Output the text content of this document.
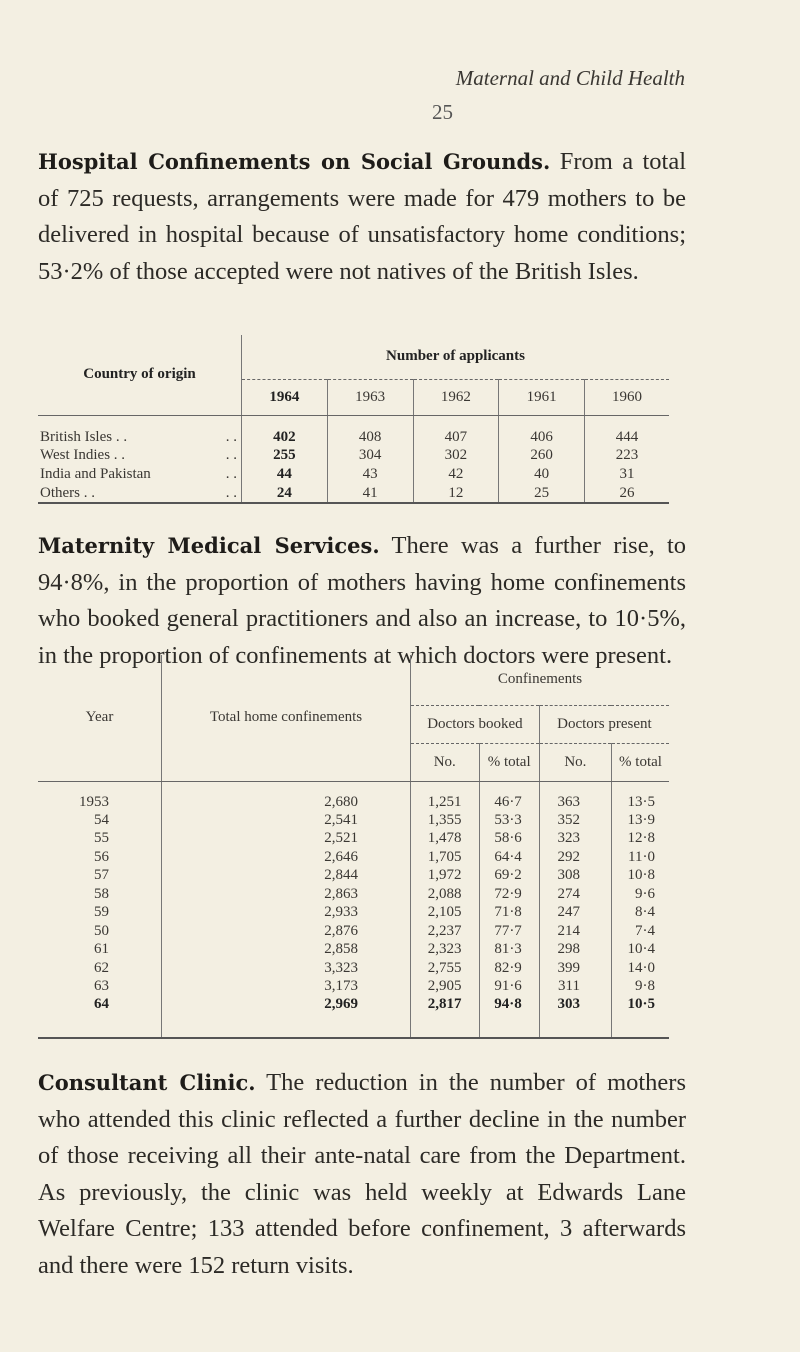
Maternal and Child Health
25
Hospital Confinements on Social Grounds. From a total of 725 requests, arrangements were made for 479 mothers to be delivered in hospital because of unsatisfactory home conditions; 53·2% of those accepted were not natives of the British Isles.
Country of origin	Number of applicants				
	1964	1963	1962	1961	1960
British Isles . . . .	402	408	407	406	444
West Indies . . . .	255	304	302	260	223
India and Pakistan . .	44	43	42	40	31
Others . . . .	24	41	12	25	26
Maternity Medical Services. There was a further rise, to 94·8%, in the proportion of mothers having home confinements who booked general practitioners and also an increase, to 10·5%, in the proportion of confinements at which doctors were present.
Year	Total home confinements	Confinements			
		Doctors booked		Doctors present	
		No.	% total	No.	% total
1953	2,680	1,251	46·7	363	13·5
54	2,541	1,355	53·3	352	13·9
55	2,521	1,478	58·6	323	12·8
56	2,646	1,705	64·4	292	11·0
57	2,844	1,972	69·2	308	10·8
58	2,863	2,088	72·9	274	9·6
59	2,933	2,105	71·8	247	8·4
50	2,876	2,237	77·7	214	7·4
61	2,858	2,323	81·3	298	10·4
62	3,323	2,755	82·9	399	14·0
63	3,173	2,905	91·6	311	9·8
64	2,969	2,817	94·8	303	10·5
Consultant Clinic. The reduction in the number of mothers who attended this clinic reflected a further decline in the number of those receiving all their ante-natal care from the Department. As previously, the clinic was held weekly at Edwards Lane Welfare Centre; 133 attended before confinement, 3 afterwards and there were 152 return visits.
